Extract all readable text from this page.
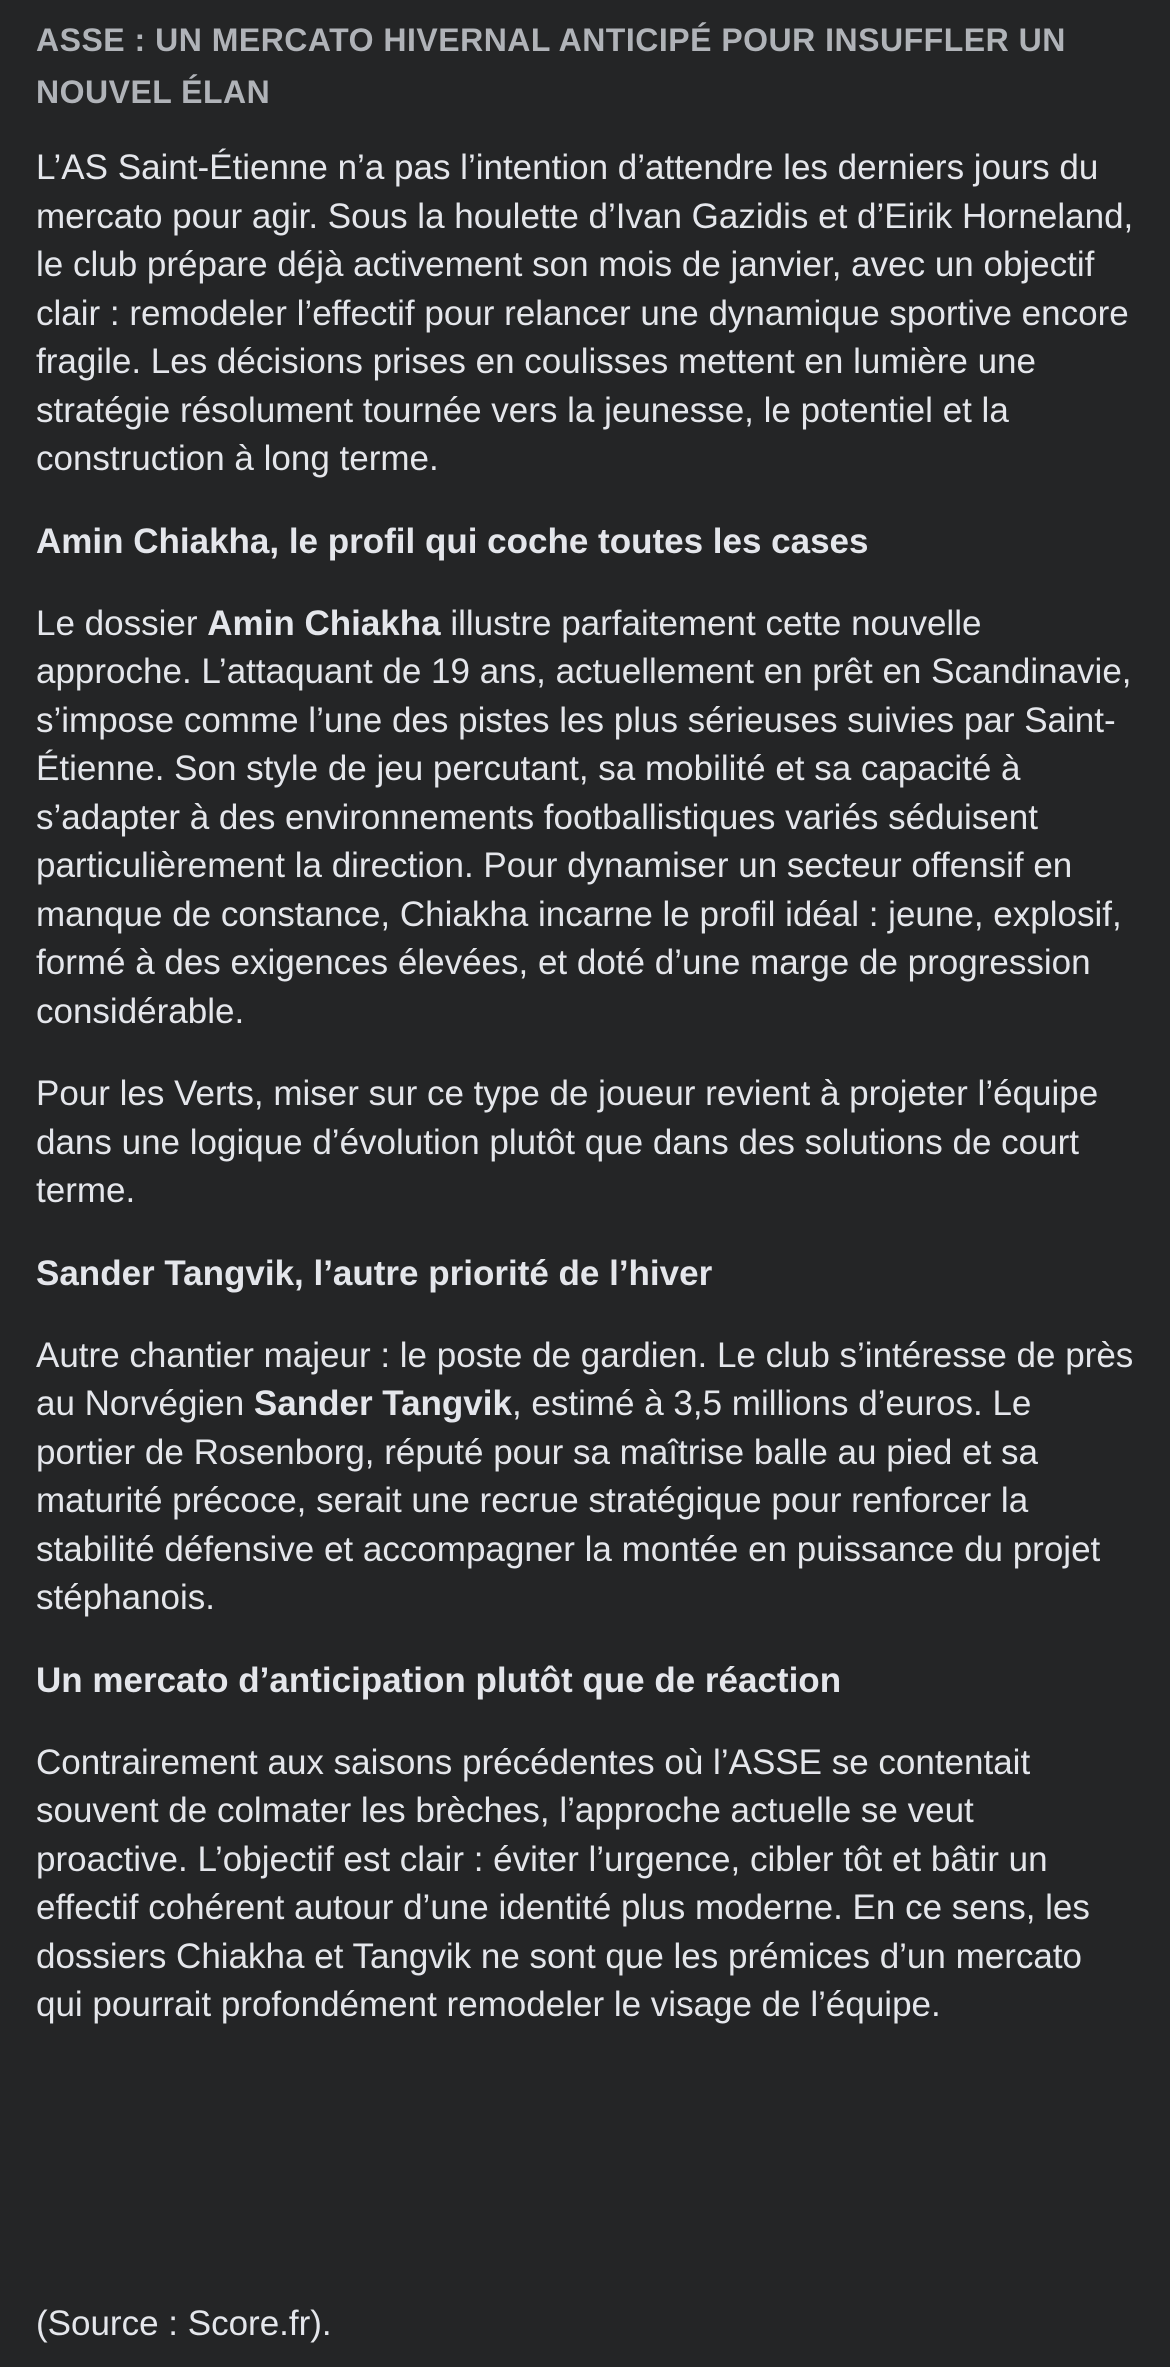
ASSE : UN MERCATO HIVERNAL ANTICIPÉ POUR INSUFFLER UN NOUVEL ÉLAN

L’AS Saint-Étienne n’a pas l’intention d’attendre les derniers jours du mercato pour agir. Sous la houlette d’Ivan Gazidis et d’Eirik Horneland, le club prépare déjà activement son mois de janvier, avec un objectif clair : remodeler l’effectif pour relancer une dynamique sportive encore fragile. Les décisions prises en coulisses mettent en lumière une stratégie résolument tournée vers la jeunesse, le potentiel et la construction à long terme.

Amin Chiakha, le profil qui coche toutes les cases

Le dossier Amin Chiakha illustre parfaitement cette nouvelle approche. L’attaquant de 19 ans, actuellement en prêt en Scandinavie, s’impose comme l’une des pistes les plus sérieuses suivies par Saint-Étienne. Son style de jeu percutant, sa mobilité et sa capacité à s’adapter à des environnements footballistiques variés séduisent particulièrement la direction. Pour dynamiser un secteur offensif en manque de constance, Chiakha incarne le profil idéal : jeune, explosif, formé à des exigences élevées, et doté d’une marge de progression considérable.

Pour les Verts, miser sur ce type de joueur revient à projeter l’équipe dans une logique d’évolution plutôt que dans des solutions de court terme.

Sander Tangvik, l’autre priorité de l’hiver

Autre chantier majeur : le poste de gardien. Le club s’intéresse de près au Norvégien Sander Tangvik, estimé à 3,5 millions d’euros. Le portier de Rosenborg, réputé pour sa maîtrise balle au pied et sa maturité précoce, serait une recrue stratégique pour renforcer la stabilité défensive et accompagner la montée en puissance du projet stéphanois.

Un mercato d’anticipation plutôt que de réaction

Contrairement aux saisons précédentes où l’ASSE se contentait souvent de colmater les brèches, l’approche actuelle se veut proactive. L’objectif est clair : éviter l’urgence, cibler tôt et bâtir un effectif cohérent autour d’une identité plus moderne. En ce sens, les dossiers Chiakha et Tangvik ne sont que les prémices d’un mercato qui pourrait profondément remodeler le visage de l’équipe.

(Source : Score.fr).
